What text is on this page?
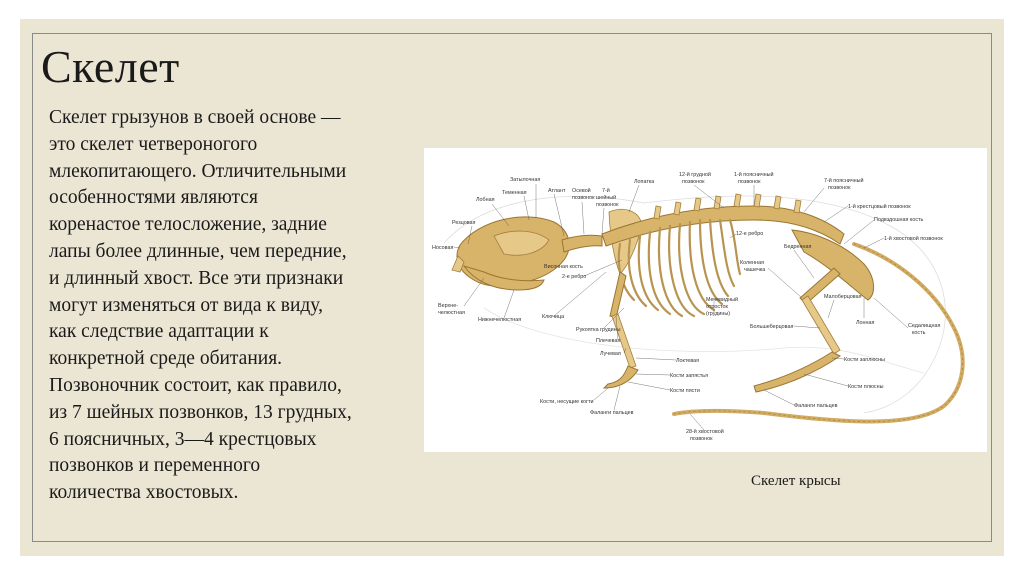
Скелет
Скелет грызунов в своей основе —
это скелет четвероногого
млекопитающего. Отличительными
особенностями являются
коренастое телосложение, задние
лапы более длинные, чем передние,
и длинный хвост. Все эти признаки
могут изменяться от вида к виду,
как следствие адаптации к
конкретной среде обитания.
Позвоночник состоит, как правило,
из 7 шейных позвонков, 13 грудных,
6 поясничных, 3—4 крестцовых
позвонков и переменного
количества хвостовых.
Затылочная
Теменная	Атлант Осевой
позвонок
7-й
шейный
позвонок
Лопатка
12-й грудной
позвонок
1-й поясничный
позвонок	7-й поясничный
позвонок
Лобная
Резцовая
Носовая
1-й крестцовый позвонок
Подвздошная кость
12-е ребро
1-й хвостовой позвонок
Височная кость
2-е ребро
Бедренная
Коленная
чашечка
Верхне-
челюстная
Нижнечелюстная	Ключица
Рукоятка грудины
Плечевая
Лучевая
Мечевидный
отросток
(грудины)
Большеберцовая
Малоберцовая
Лонная	Седалищная
кость
Локтевая
Кости запястья
Кости пясти
Кости, несущие когти
Фаланги пальцев
Кости заплюсны
Кости плюсны
Фаланги пальцев
28-й хвостовой
позвонок
Скелет крысы
